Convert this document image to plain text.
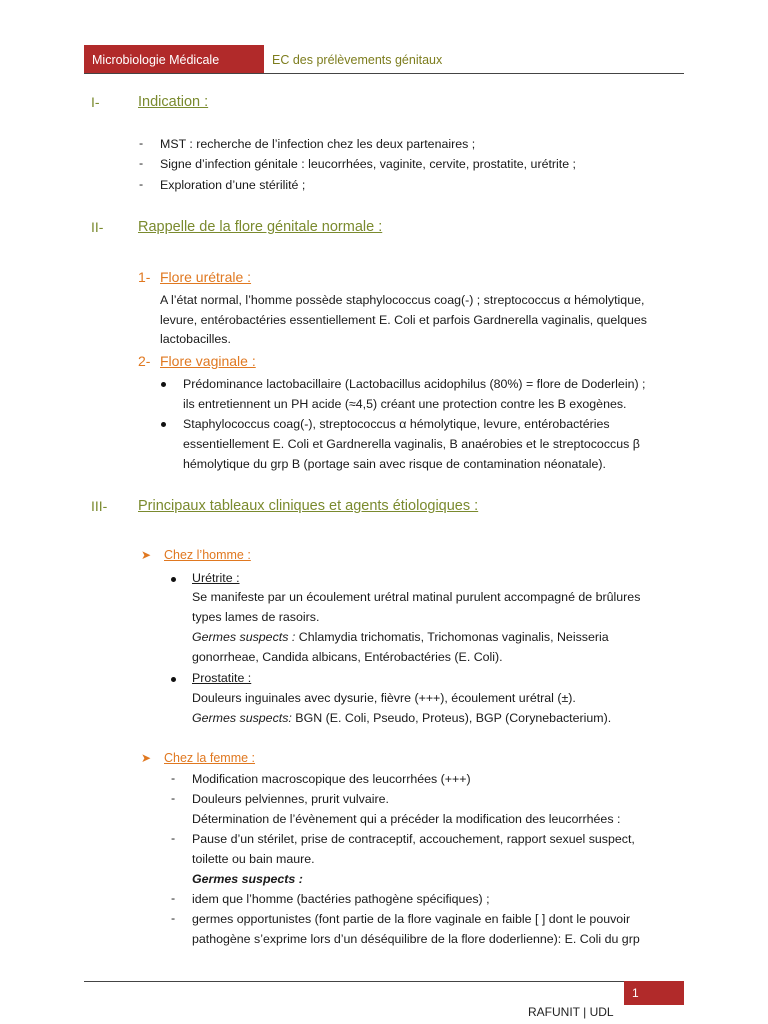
Microbiologie Médicale	EC des prélèvements génitaux
I-	Indication :
- MST : recherche de l’infection chez les deux partenaires ;
- Signe d’infection génitale : leucorrhées, vaginite, cervite, prostatite, urétrite ;
- Exploration d’une stérilité ;
II- Rappelle de la flore génitale normale :
1- Flore urétrale :
A l’état normal, l’homme possède staphylococcus coag(-) ; streptococcus α hémolytique,
levure, entérobactéries essentiellement E. Coli et parfois Gardnerella vaginalis, quelques
lactobacilles.
2- Flore vaginale :
Prédominance lactobacillaire (Lactobacillus acidophilus (80%) = flore de Doderlein) ;
ils entretiennent un PH acide (≈4,5) créant une protection contre les B exogènes.
Staphylococcus coag(-), streptococcus α hémolytique, levure, entérobactéries
essentiellement E. Coli et Gardnerella vaginalis, B anaérobies et le streptococcus β
hémolytique du grp B (portage sain avec risque de contamination néonatale).
III- Principaux tableaux cliniques et agents étiologiques :
➤ Chez l’homme :
Urétrite :
Se manifeste par un écoulement urétral matinal purulent accompagné de brûlures
types lames de rasoirs.
Germes suspects : Chlamydia trichomatis, Trichomonas vaginalis, Neisseria
gonorrheae, Candida albicans, Entérobactéries (E. Coli).
Prostatite :
Douleurs inguinales avec dysurie, fièvre (+++), écoulement urétral (±).
Germes suspects: BGN (E. Coli, Pseudo, Proteus), BGP (Corynebacterium).
➤ Chez la femme :
- Modification macroscopique des leucorrhées (+++)
- Douleurs pelviennes, prurit vulvaire.
Détermination de l’évènement qui a précéder la modification des leucorrhées :
- Pause d’un stérilet, prise de contraceptif, accouchement, rapport sexuel suspect,
toilette ou bain maure.
Germes suspects :
- idem que l’homme (bactéries pathogène spécifiques) ;
- germes opportunistes (font partie de la flore vaginale en faible [ ] dont le pouvoir
pathogène s’exprime lors d’un déséquilibre de la flore doderlienne): E. Coli du grp
RAFUNIT | UDL
1
